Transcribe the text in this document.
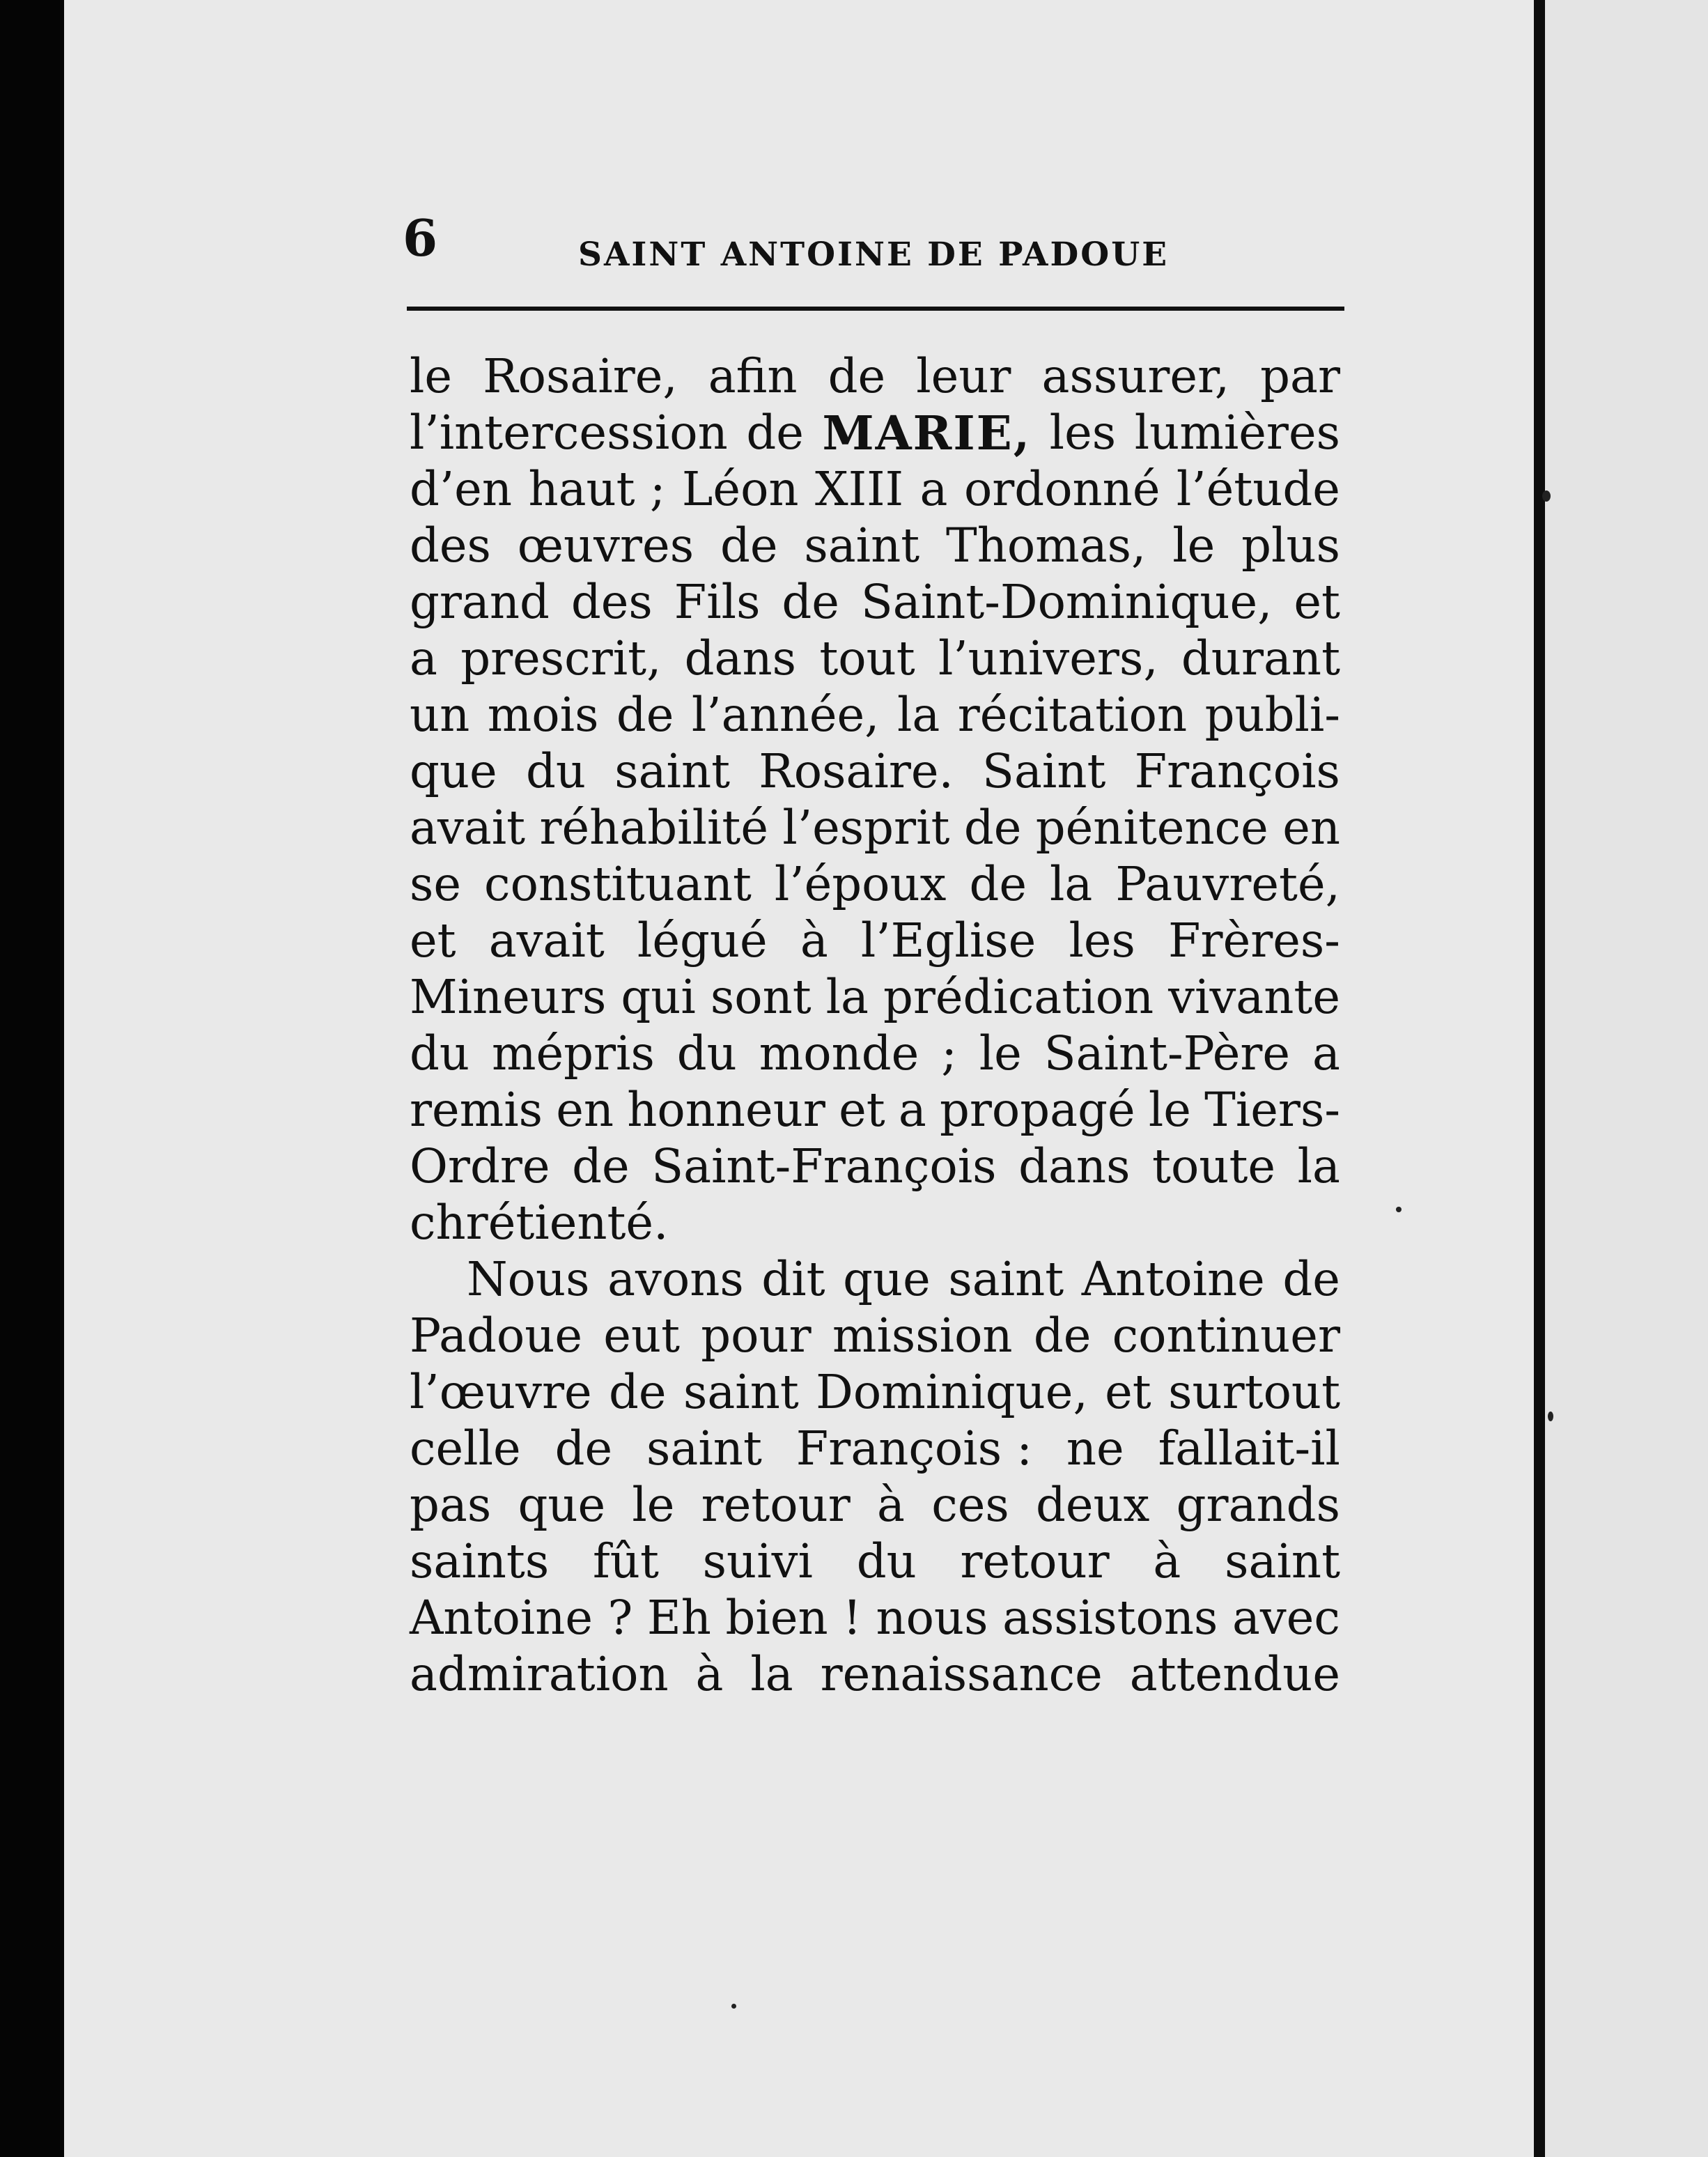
6	SAINT ANTOINE DE PADOUE
le Rosaire, afin de leur assurer, par
l’intercession de MARIE, les lumières
d’en haut ; Léon XIII a ordonné l’étude
des œuvres de saint Thomas, le plus
grand des Fils de Saint-Dominique, et
a prescrit, dans tout l’univers, durant
un mois de l’année, la récitation publi-
que du saint Rosaire. Saint François
avait réhabilité l’esprit de pénitence en
se constituant l’époux de la Pauvreté,
et avait légué à l’Eglise les Frères-
Mineurs qui sont la prédication vivante
du mépris du monde ; le Saint-Père a
remis en honneur et a propagé le Tiers-
Ordre de Saint-François dans toute la
chrétienté.
Nous avons dit que saint Antoine de
Padoue eut pour mission de continuer
l’œuvre de saint Dominique, et surtout
celle de saint François : ne fallait-il
pas que le retour à ces deux grands
saints fût suivi du retour à saint
Antoine ? Eh bien ! nous assistons avec
admiration à la renaissance attendue
